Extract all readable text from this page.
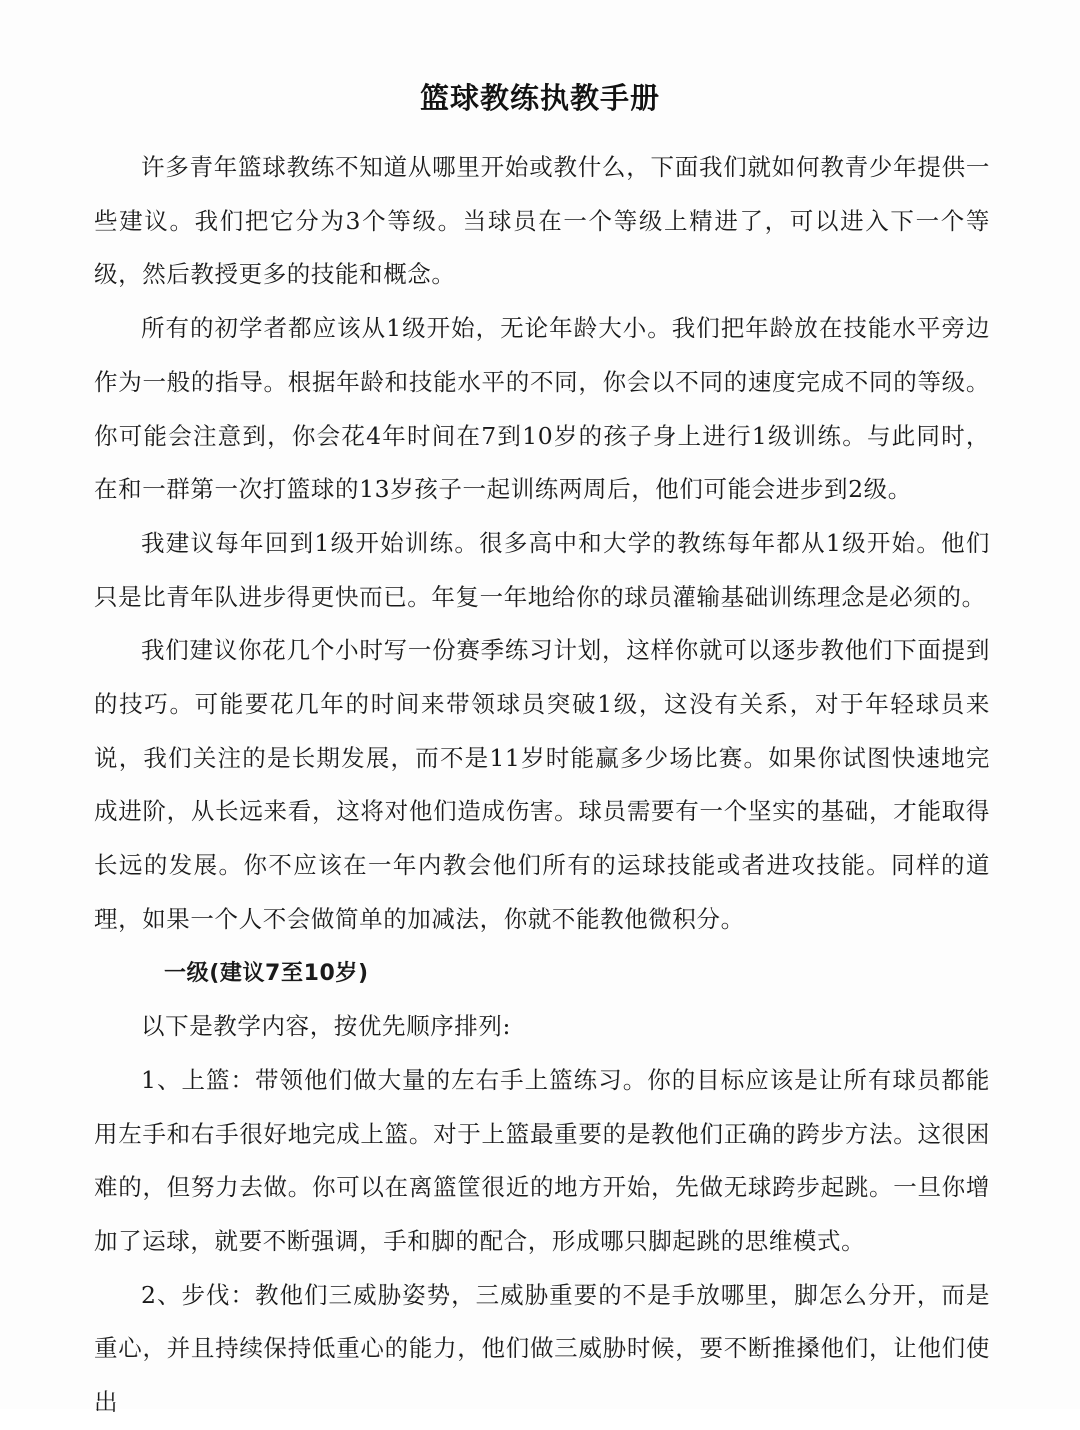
篮球教练执教手册

许多青年篮球教练不知道从哪里开始或教什么，下面我们就如何教青少年提供一些建议。我们把它分为3个等级。当球员在一个等级上精进了，可以进入下一个等级，然后教授更多的技能和概念。

所有的初学者都应该从1级开始，无论年龄大小。我们把年龄放在技能水平旁边作为一般的指导。根据年龄和技能水平的不同，你会以不同的速度完成不同的等级。你可能会注意到，你会花4年时间在7到10岁的孩子身上进行1级训练。与此同时，在和一群第一次打篮球的13岁孩子一起训练两周后，他们可能会进步到2级。

我建议每年回到1级开始训练。很多高中和大学的教练每年都从1级开始。他们只是比青年队进步得更快而已。年复一年地给你的球员灌输基础训练理念是必须的。

我们建议你花几个小时写一份赛季练习计划，这样你就可以逐步教他们下面提到的技巧。可能要花几年的时间来带领球员突破1级，这没有关系，对于年轻球员来说，我们关注的是长期发展，而不是11岁时能赢多少场比赛。如果你试图快速地完成进阶，从长远来看，这将对他们造成伤害。球员需要有一个坚实的基础，才能取得长远的发展。你不应该在一年内教会他们所有的运球技能或者进攻技能。同样的道理，如果一个人不会做简单的加减法，你就不能教他微积分。

一级(建议7至10岁)

以下是教学内容，按优先顺序排列:

1、上篮：带领他们做大量的左右手上篮练习。你的目标应该是让所有球员都能用左手和右手很好地完成上篮。对于上篮最重要的是教他们正确的跨步方法。这很困难的，但努力去做。你可以在离篮筐很近的地方开始，先做无球跨步起跳。一旦你增加了运球，就要不断强调，手和脚的配合，形成哪只脚起跳的思维模式。

2、步伐：教他们三威胁姿势，三威胁重要的不是手放哪里，脚怎么分开，而是重心，并且持续保持低重心的能力，他们做三威胁时候，要不断推搡他们，让他们使出
